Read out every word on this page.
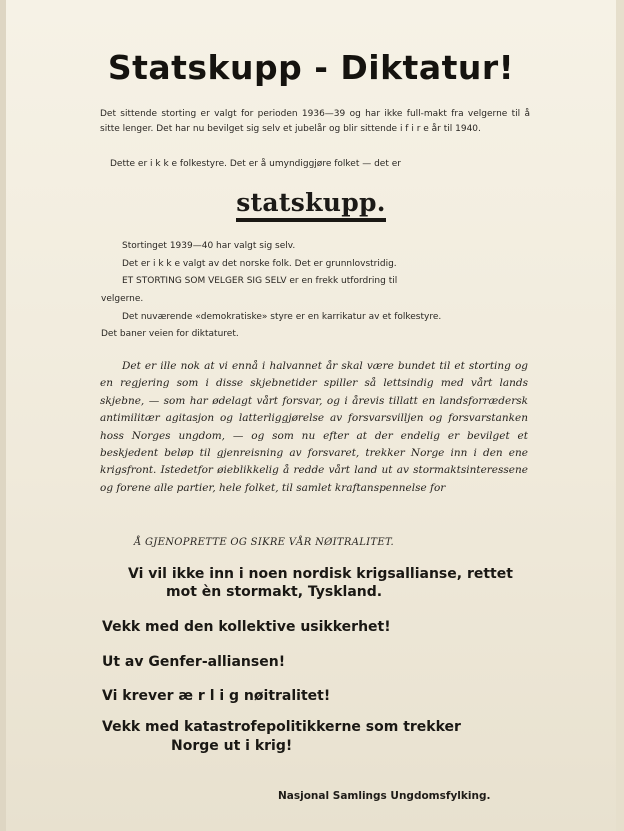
Statskupp - Diktatur!
Det sittende storting er valgt for perioden 1936—39 og har ikke full-makt fra velgerne til å sitte lenger. Det har nu bevilget sig selv et jubelår og blir sittende i f i r e år til 1940.
Dette er i k k e folkestyre. Det er å umyndiggjøre folket — det er
statskupp.
Stortinget 1939—40 har valgt sig selv.
Det er i k k e valgt av det norske folk. Det er grunnlovstridig.
ET STORTING SOM VELGER SIG SELV er en frekk utfordring til
velgerne.
Det nuværende «demokratiske» styre er en karrikatur av et folkestyre.
Det baner veien for diktaturet.
Det er ille nok at vi ennå i halvannet år skal være bundet til et storting og en regjering som i disse skjebnetider spiller så lettsindig med vårt lands skjebne, — som har ødelagt vårt forsvar, og i årevis tillatt en landsforrædersk antimilitær agitasjon og latterliggjørelse av forsvarsvilljen og forsvarstanken hoss Norges ungdom, — og som nu efter at der endelig er bevilget et beskjedent beløp til gjenreisning av forsvaret, trekker Norge inn i den ene krigsfront. Istedetfor øieblikkelig å redde vårt land ut av stormaktsinteressene og forene alle partier, hele folket, til samlet kraftanspennelse for
Å GJENOPRETTE OG SIKRE VÅR NØITRALITET.
Vi vil ikke inn i noen nordisk krigsallianse, rettet
mot èn stormakt, Tyskland.
Vekk med den kollektive usikkerhet!
Ut av Genfer-alliansen!
Vi krever æ r l i g nøitralitet!
Vekk med katastrofepolitikkerne som trekker
Norge ut i krig!
Nasjonal Samlings Ungdomsfylking.
